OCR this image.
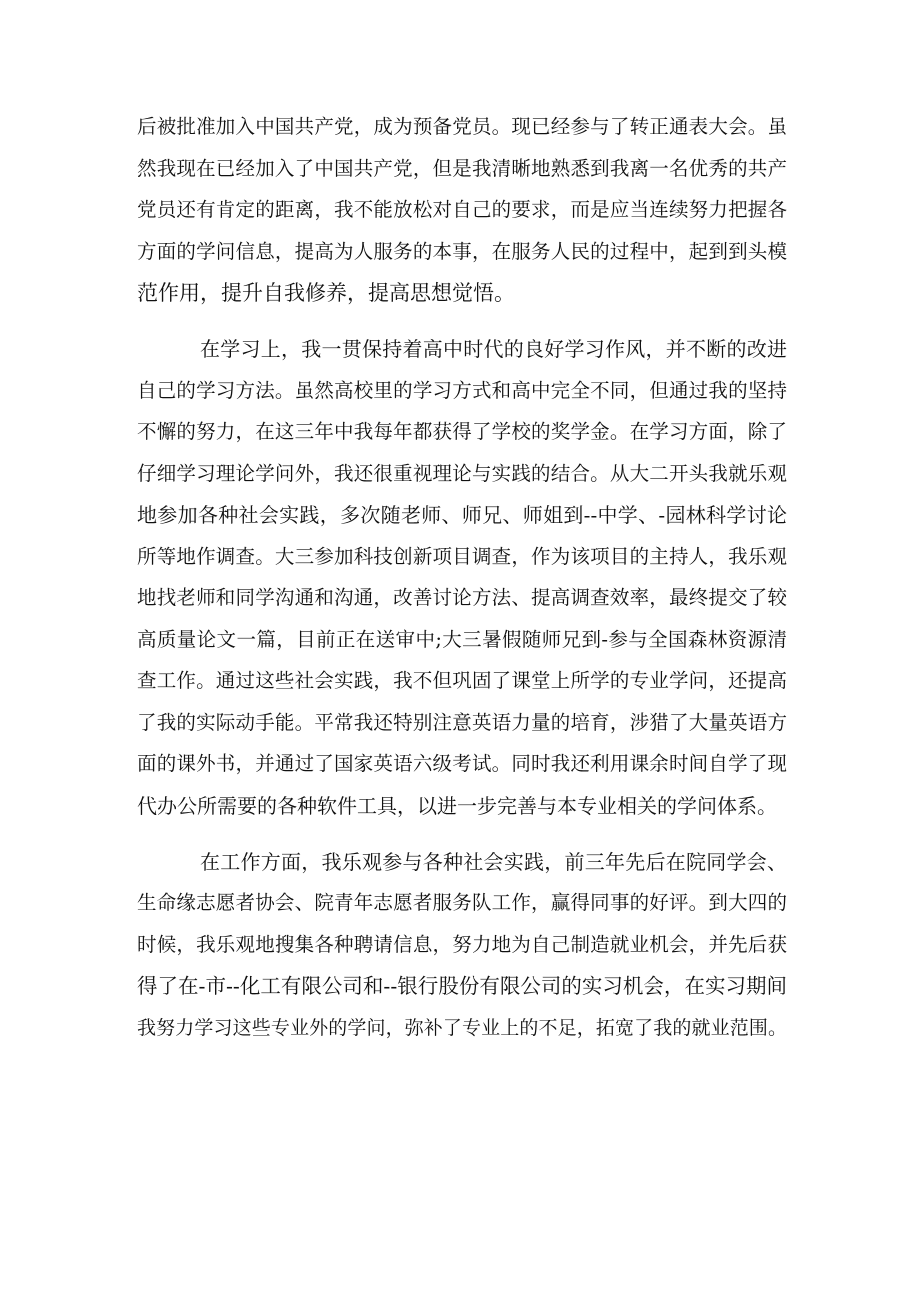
后被批准加入中国共产党，成为预备党员。现已经参与了转正通表大会。虽
然我现在已经加入了中国共产党，但是我清晰地熟悉到我离一名优秀的共产
党员还有肯定的距离，我不能放松对自己的要求，而是应当连续努力把握各
方面的学问信息，提高为人服务的本事，在服务人民的过程中，起到到头模
范作用，提升自我修养，提高思想觉悟。
在学习上，我一贯保持着高中时代的良好学习作风，并不断的改进
自己的学习方法。虽然高校里的学习方式和高中完全不同，但通过我的坚持
不懈的努力，在这三年中我每年都获得了学校的奖学金。在学习方面，除了
仔细学习理论学问外，我还很重视理论与实践的结合。从大二开头我就乐观
地参加各种社会实践，多次随老师、师兄、师姐到--中学、-园林科学讨论
所等地作调查。大三参加科技创新项目调查，作为该项目的主持人，我乐观
地找老师和同学沟通和沟通，改善讨论方法、提高调查效率，最终提交了较
高质量论文一篇，目前正在送审中;大三暑假随师兄到-参与全国森林资源清
查工作。通过这些社会实践，我不但巩固了课堂上所学的专业学问，还提高
了我的实际动手能。平常我还特别注意英语力量的培育，涉猎了大量英语方
面的课外书，并通过了国家英语六级考试。同时我还利用课余时间自学了现
代办公所需要的各种软件工具，以进一步完善与本专业相关的学问体系。
在工作方面，我乐观参与各种社会实践，前三年先后在院同学会、
生命缘志愿者协会、院青年志愿者服务队工作，赢得同事的好评。到大四的
时候，我乐观地搜集各种聘请信息，努力地为自己制造就业机会，并先后获
得了在-市--化工有限公司和--银行股份有限公司的实习机会，在实习期间
我努力学习这些专业外的学问，弥补了专业上的不足，拓宽了我的就业范围。
